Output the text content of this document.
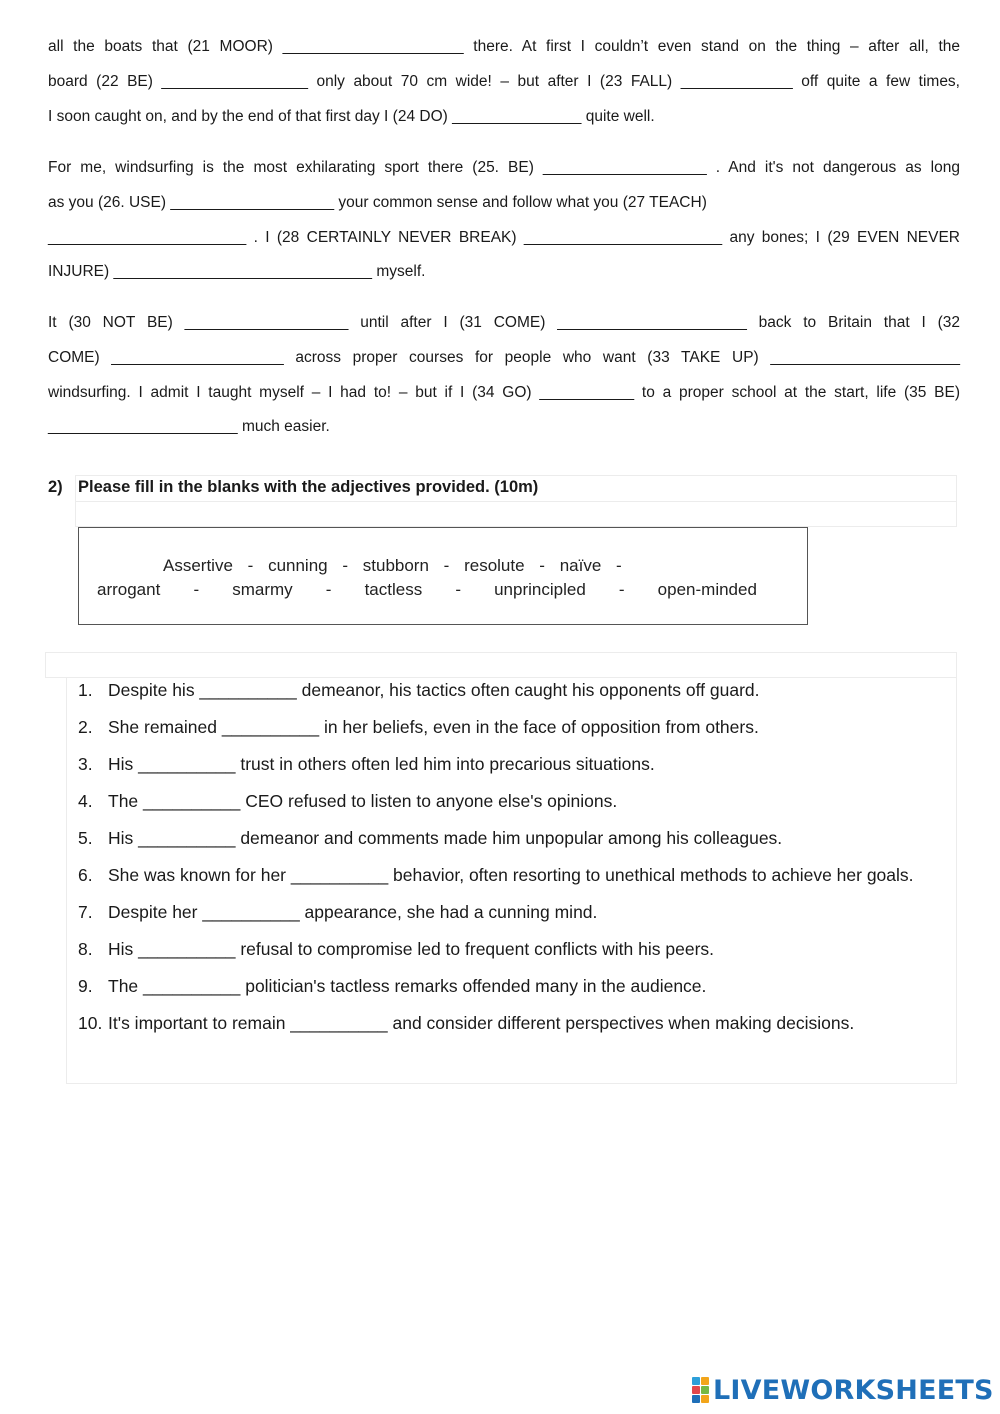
all the boats that (21 MOOR) _____________________ there. At first I couldn’t even stand on the thing – after all, the
board (22 BE) _________________ only about 70 cm wide! – but after I (23 FALL) _____________ off quite a few times,
I soon caught on, and by the end of that first day I (24 DO) _______________ quite well.
For me, windsurfing is the most exhilarating sport there (25. BE) ___________________ . And it's not dangerous as long
as you (26. USE) ___________________ your common sense and follow what you (27 TEACH)
_______________________ . I (28 CERTAINLY NEVER BREAK) _______________________ any bones; I (29 EVEN NEVER
INJURE) ______________________________ myself.
It (30 NOT BE) ___________________ until after I (31 COME) ______________________ back to Britain that I (32
COME) ____________________ across proper courses for people who want (33 TAKE UP) ______________________
windsurfing. I admit I taught myself – I had to! – but if I (34 GO) ___________ to a proper school at the start, life (35 BE)
______________________ much easier.
2) Please fill in the blanks with the adjectives provided. (10m)
Assertive - cunning - stubborn - resolute - naïve -
arrogant - smarmy - tactless - unprincipled - open-minded
1. Despite his __________ demeanor, his tactics often caught his opponents off guard.
2. She remained __________ in her beliefs, even in the face of opposition from others.
3. His __________ trust in others often led him into precarious situations.
4. The __________ CEO refused to listen to anyone else's opinions.
5. His __________ demeanor and comments made him unpopular among his colleagues.
6. She was known for her __________ behavior, often resorting to unethical methods to achieve her goals.
7. Despite her __________ appearance, she had a cunning mind.
8. His __________ refusal to compromise led to frequent conflicts with his peers.
9. The __________ politician's tactless remarks offended many in the audience.
10. It's important to remain __________ and consider different perspectives when making decisions.
LIVEWORKSHEETS
